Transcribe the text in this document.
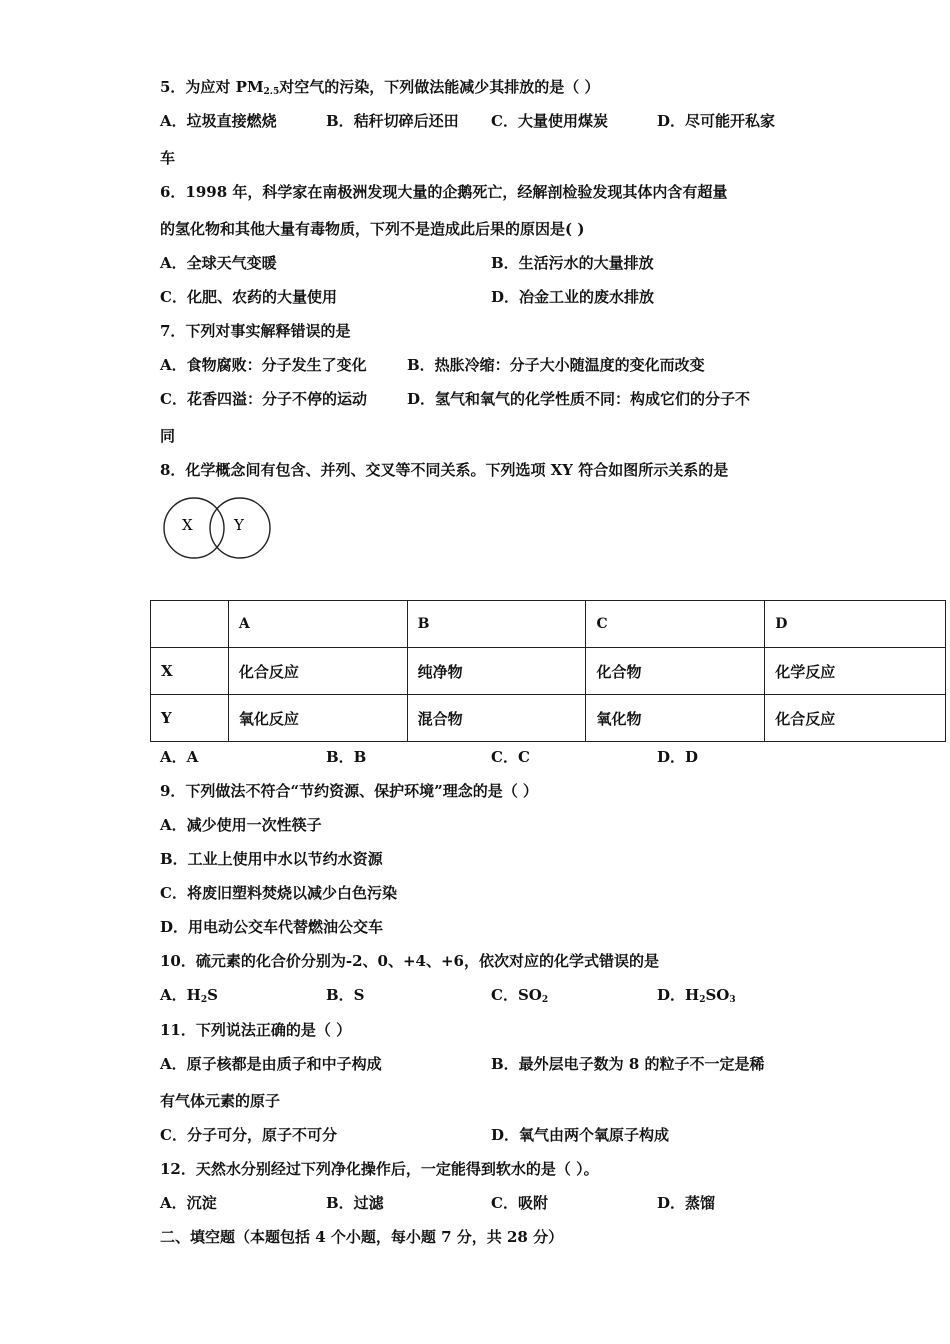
5．为应对 $PM_{2.5}$对空气的污染，下列做法能减少其排放的是（ ）
A．垃圾直接燃烧	B．秸秆切碎后还田 C．大量使用煤炭	D．尽可能开私家
车
6．1998 年，科学家在南极洲发现大量的企鹅死亡，经解剖检验发现其体内含有超量
的氢化物和其他大量有毒物质，下列不是造成此后果的原因是( )
A．全球天气变暖	B．生活污水的大量排放
C．化肥、农药的大量使用	D．冶金工业的废水排放
7．下列对事实解释错误的是
A．食物腐败：分子发生了变化	B．热胀冷缩：分子大小随温度的变化而改变
C．花香四溢：分子不停的运动	D．氢气和氧气的化学性质不同：构成它们的分子不
同
8．化学概念间有包含、并列、交叉等不同关系。下列选项 XY 符合如图所示关系的是
X	Y
	A	B	C	D
X	化合反应	纯净物	化合物	化学反应
Y	氧化反应	混合物	氧化物	化合反应
A．A	B．B	C．C	D．D
9．下列做法不符合“节约资源、保护环境”理念的是（ ）
A．减少使用一次性筷子
B．工业上使用中水以节约水资源
C．将废旧塑料焚烧以减少白色污染
D．用电动公交车代替燃油公交车
10．硫元素的化合价分别为-2、0、+4、+6，依次对应的化学式错误的是
A．$H_2S$	B．S	C．$SO_2$	D．$H_2SO_3$
11．下列说法正确的是（ ）
A．原子核都是由质子和中子构成	B．最外层电子数为 8 的粒子不一定是稀
有气体元素的原子
C．分子可分，原子不可分	D．氧气由两个氧原子构成
12．天然水分别经过下列净化操作后，一定能得到软水的是（ ）。
A．沉淀	B．过滤	C．吸附	D．蒸馏
二、填空题（本题包括 4 个小题，每小题 7 分，共 28 分）
